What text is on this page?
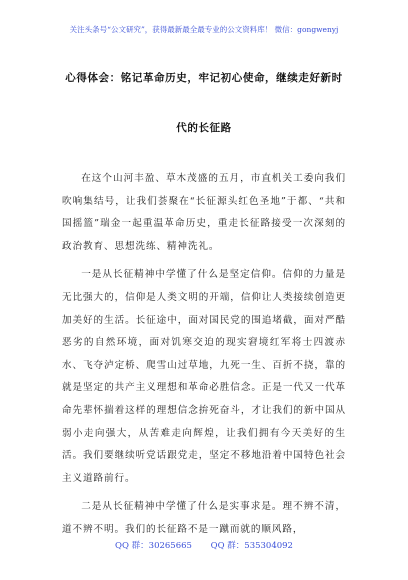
关注头条号“公文研究”，获得最新最全最专业的公文资料库！ 微信：gongwenyj
心得体会：铭记革命历史，牢记初心使命，继续走好新时
代的长征路

在这个山河丰盈、草木茂盛的五月，市直机关工委向我们吹响集结号，让我们荟聚在“长征源头红色圣地”于都、“共和国摇篮”瑞金一起重温革命历史，重走长征路接受一次深刻的政治教育、思想洗练、精神洗礼。

一是从长征精神中学懂了什么是坚定信仰。信仰的力量是无比强大的，信仰是人类文明的开端，信仰让人类接续创造更加美好的生活。长征途中，面对国民党的围追堵截，面对严酷恶劣的自然环境，面对饥寒交迫的现实窘境红军将士四渡赤水、飞夺泸定桥、爬雪山过草地，九死一生、百折不挠，靠的就是坚定的共产主义理想和革命必胜信念。正是一代又一代革命先辈怀揣着这样的理想信念拚死奋斗，才让我们的新中国从弱小走向强大，从苦难走向辉煌，让我们拥有今天美好的生活。我们要继续听党话跟党走，坚定不移地沿着中国特色社会主义道路前行。

二是从长征精神中学懂了什么是实事求是。理不辨不清，道不辨不明。我们的长征路不是一蹴而就的顺风路，

QQ 群：30265665 QQ 群：535304092
